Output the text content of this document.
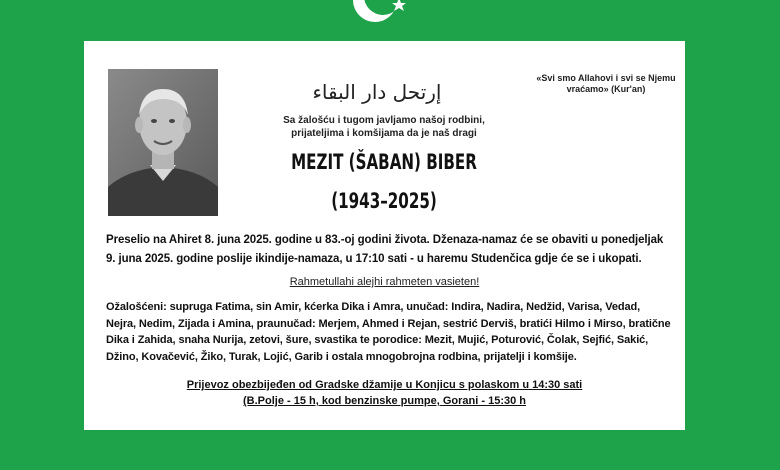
إرتحل دار البقاء
«Svi smo Allahovi i svi se Njemu vraćamo» (Kur'an)
Sa žalošću i tugom javljamo našoj rodbini, prijateljima i komšijama da je naš dragi
MEZIT (ŠABAN) BIBER
(1943–2025)
Preselio na Ahiret 8. juna 2025. godine u 83.-oj godini života. Dženaza-namaz će se obaviti u ponedjeljak 9. juna 2025. godine poslije ikindije-namaza, u 17:10 sati - u haremu Studenčica gdje će se i ukopati.
Rahmetullahi alejhi rahmeten vasieten!
Ožalošćeni: supruga Fatima, sin Amir, kćerka Dika i Amra, unučad: Indira, Nadira, Nedžid, Varisa, Vedad, Nejra, Nedim, Zijada i Amina, praunučad: Merjem, Ahmed i Rejan, sestrić Derviš, bratići Hilmo i Mirso, bratične Dika i Zahida, snaha Nurija, zetovi, šure, svastika te porodice: Mezit, Mujić, Poturović, Čolak, Sejfić, Sakić, Džino, Kovačević, Žiko, Turak, Lojić, Garib i ostala mnogobrojna rodbina, prijatelji i komšije.
Prijevoz obezbijeđen od Gradske džamije u Konjicu s polaskom u 14:30 sati
(B.Polje - 15 h, kod benzinske pumpe, Gorani - 15:30 h
